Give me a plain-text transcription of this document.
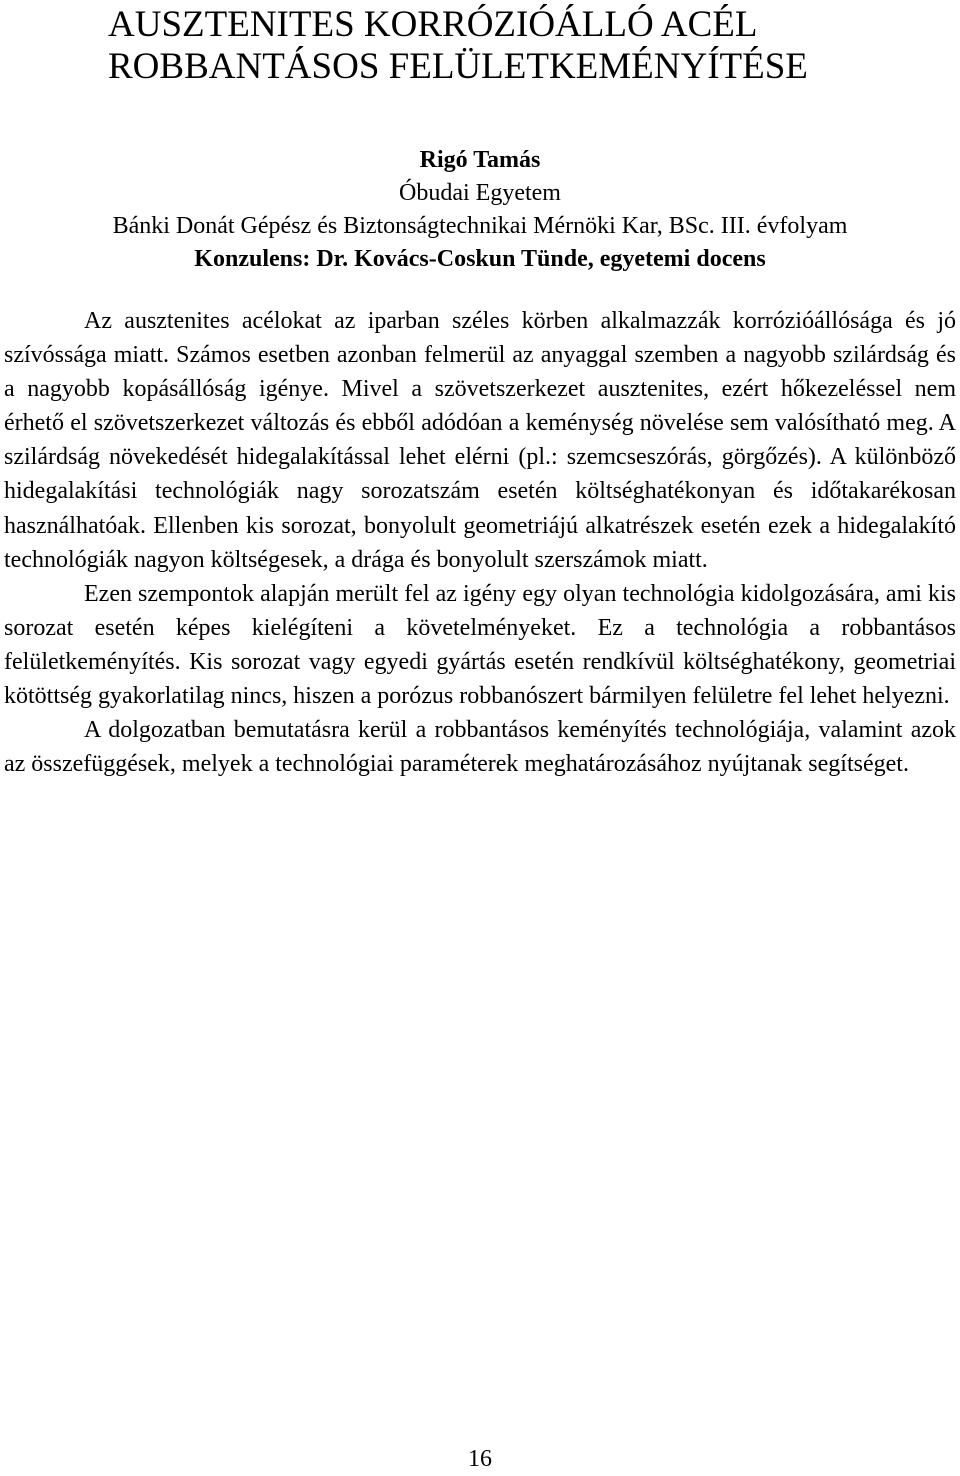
AUSZTENITES KORRÓZIÓÁLLÓ ACÉL
ROBBANTÁSOS FELÜLETKEMÉNYÍTÉSE
Rigó Tamás
Óbudai Egyetem
Bánki Donát Gépész és Biztonságtechnikai Mérnöki Kar, BSc. III. évfolyam
Konzulens: Dr. Kovács-Coskun Tünde, egyetemi docens

Az ausztenites acélokat az iparban széles körben alkalmazzák korrózióállósága és jó szívóssága miatt. Számos esetben azonban felmerül az anyaggal szemben a nagyobb szilárdság és a nagyobb kopásállóság igénye. Mivel a szövetszerkezet ausztenites, ezért hőkezeléssel nem érhető el szövetszerkezet változás és ebből adódóan a keménység növelése sem valósítható meg. A szilárdság növekedését hidegalakítással lehet elérni (pl.: szemcseszórás, görgőzés). A különböző hidegalakítási technológiák nagy sorozatszám esetén költséghatékonyan és időtakarékosan használhatóak. Ellenben kis sorozat, bonyolult geometriájú alkatrészek esetén ezek a hidegalakító technológiák nagyon költségesek, a drága és bonyolult szerszámok miatt.

Ezen szempontok alapján merült fel az igény egy olyan technológia kidolgozására, ami kis sorozat esetén képes kielégíteni a követelményeket. Ez a technológia a robbantásos felületkeményítés. Kis sorozat vagy egyedi gyártás esetén rendkívül költséghatékony, geometriai kötöttség gyakorlatilag nincs, hiszen a porózus robbanószert bármilyen felületre fel lehet helyezni.

A dolgozatban bemutatásra kerül a robbantásos keményítés technológiája, valamint azok az összefüggések, melyek a technológiai paraméterek meghatározásához nyújtanak segítséget.

16
